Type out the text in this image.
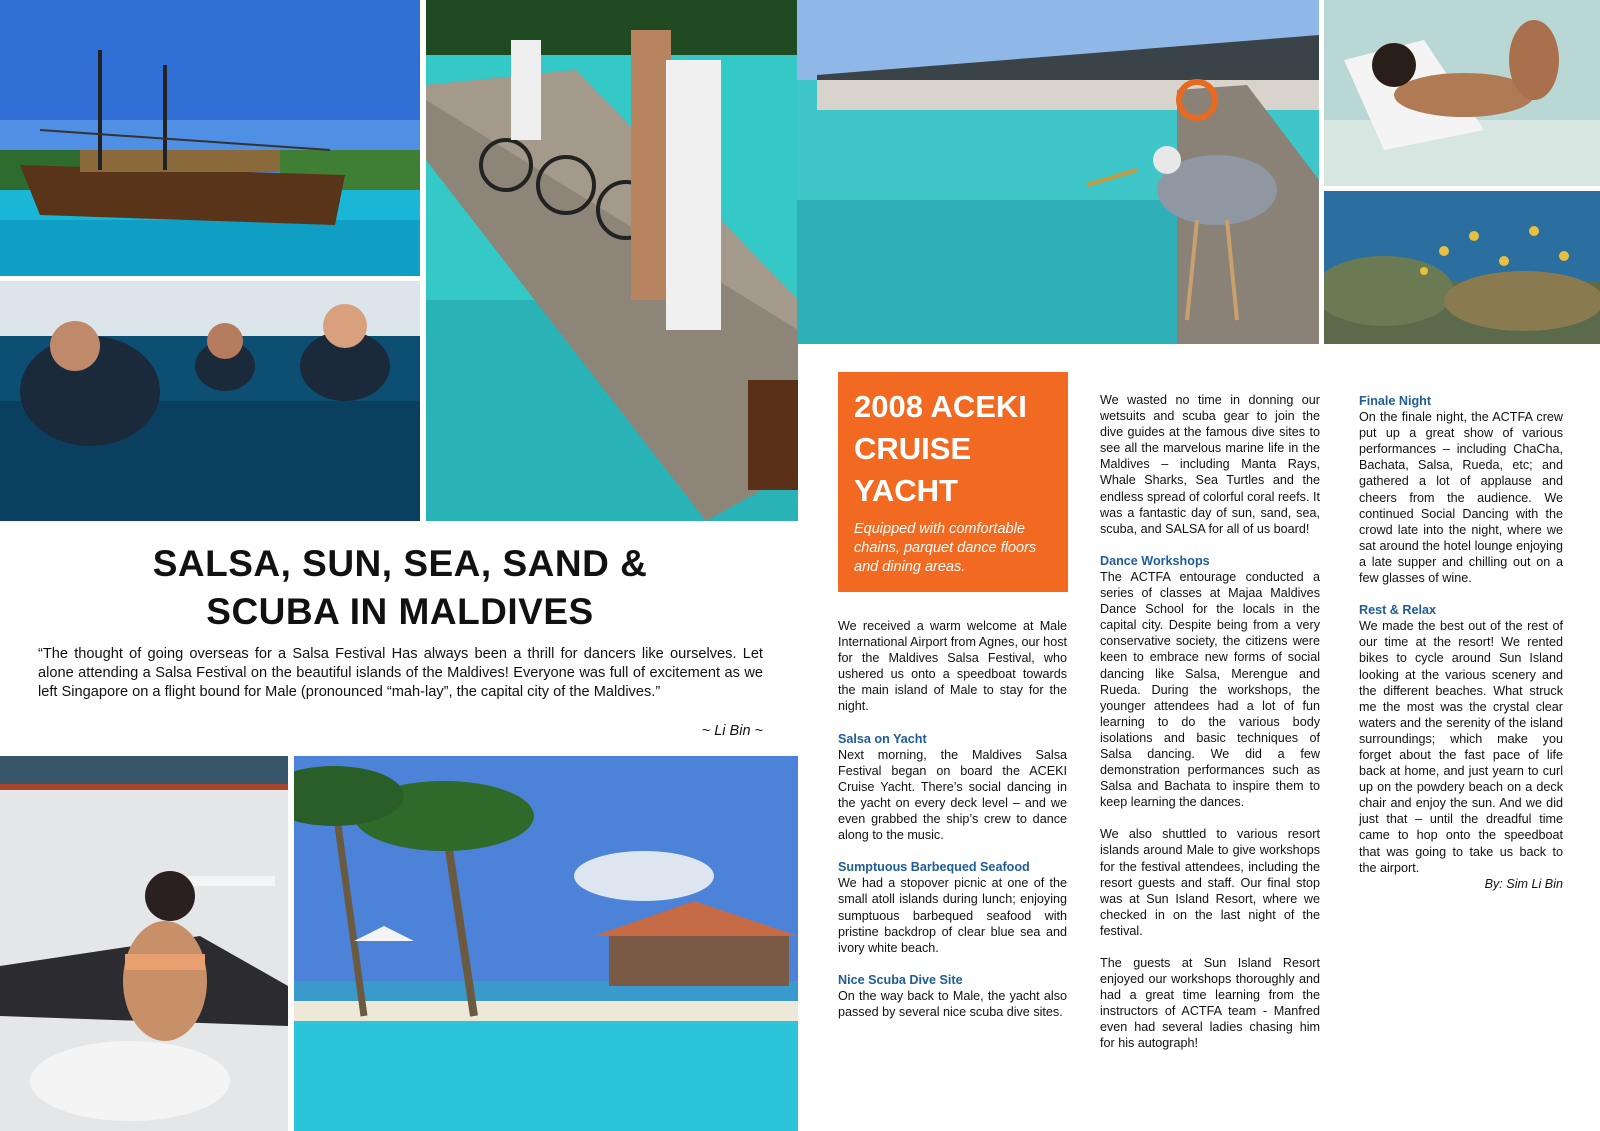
SALSA, SUN, SEA, SAND &
SCUBA IN MALDIVES

“The thought of going overseas for a Salsa Festival Has always been a thrill for dancers like ourselves. Let alone attending a Salsa Festival on the beautiful islands of the Maldives! Everyone was full of excitement as we left Singapore on a flight bound for Male (pronounced “mah-lay”, the capital city of the Maldives.”

~ Li Bin ~
2008 ACEKI
CRUISE
YACHT
Equipped with comfortable chains, parquet dance floors and dining areas.

We received a warm welcome at Male International Airport from Agnes, our host for the Maldives Salsa Festival, who ushered us onto a speedboat towards the main island of Male to stay for the night.

Salsa on Yacht

Next morning, the Maldives Salsa Festival began on board the ACEKI Cruise Yacht. There’s social dancing in the yacht on every deck level – and we even grabbed the ship’s crew to dance along to the music.

Sumptuous Barbequed Seafood

We had a stopover picnic at one of the small atoll islands during lunch; enjoying sumptuous barbequed seafood with pristine backdrop of clear blue sea and ivory white beach.

Nice Scuba Dive Site

On the way back to Male, the yacht also passed by several nice scuba dive sites.

We wasted no time in donning our wetsuits and scuba gear to join the dive guides at the famous dive sites to see all the marvelous marine life in the Maldives – including Manta Rays, Whale Sharks, Sea Turtles and the endless spread of colorful coral reefs. It was a fantastic day of sun, sand, sea, scuba, and SALSA for all of us board!

Dance Workshops

The ACTFA entourage conducted a series of classes at Majaa Maldives Dance School for the locals in the capital city. Despite being from a very conservative society, the citizens were keen to embrace new forms of social dancing like Salsa, Merengue and Rueda. During the workshops, the younger attendees had a lot of fun learning to do the various body isolations and basic techniques of Salsa dancing. We did a few demonstration performances such as Salsa and Bachata to inspire them to keep learning the dances.

We also shuttled to various resort islands around Male to give workshops for the festival attendees, including the resort guests and staff. Our final stop was at Sun Island Resort, where we checked in on the last night of the festival.

The guests at Sun Island Resort enjoyed our workshops thoroughly and had a great time learning from the instructors of ACTFA team - Manfred even had several ladies chasing him for his autograph!

Finale Night

On the finale night, the ACTFA crew put up a great show of various performances – including ChaCha, Bachata, Salsa, Rueda, etc; and gathered a lot of applause and cheers from the audience. We continued Social Dancing with the crowd late into the night, where we sat around the hotel lounge enjoying a late supper and chilling out on a few glasses of wine.

Rest & Relax

We made the best out of the rest of our time at the resort! We rented bikes to cycle around Sun Island looking at the various scenery and the different beaches. What struck me the most was the crystal clear waters and the serenity of the island surroundings; which make you forget about the fast pace of life back at home, and just yearn to curl up on the powdery beach on a deck chair and enjoy the sun. And we did just that – until the dreadful time came to hop onto the speedboat that was going to take us back to the airport.

By: Sim Li Bin
